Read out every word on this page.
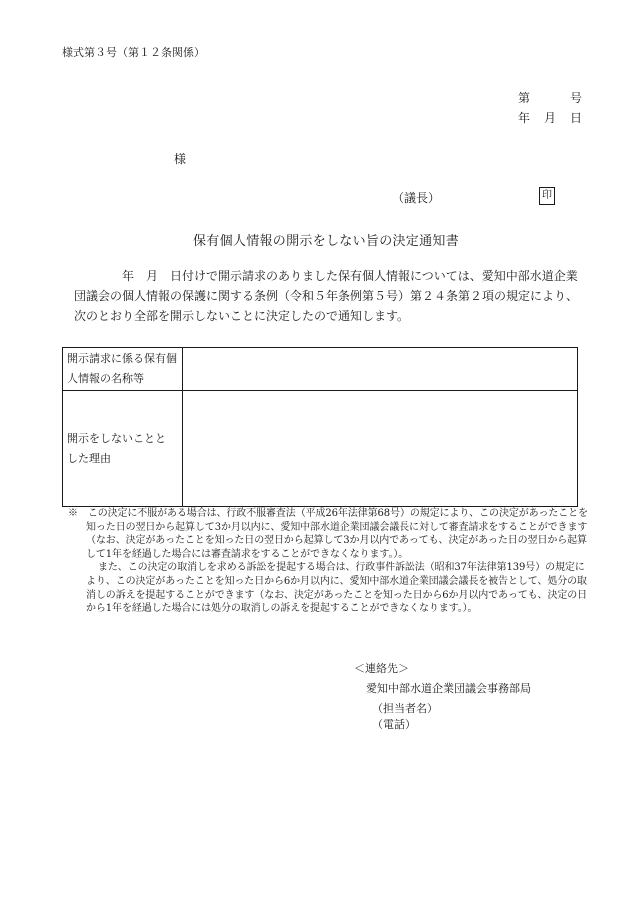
様式第３号（第１２条関係）
第　　　号
年　月　日
様
（議長）	印
保有個人情報の開示をしない旨の決定通知書
年　月　日付けで開示請求のありました保有個人情報については、愛知中部水道企業団議会の個人情報の保護に関する条例（令和５年条例第５号）第２４条第２項の規定により、次のとおり全部を開示しないことに決定したので通知します。
開示請求に係る保有個人情報の名称等	
開示をしないことと した理由	

※　 この決定に不服がある場合は、行政不服審査法（平成26年法律第68号）の規定により、この決定があったことを知った日の翌日から起算して3か月以内に、愛知中部水道企業団議会議長に対して審査請求をすることができます（なお、決定があったことを知った日の翌日から起算して3か月以内であっても、決定があった日の翌日から起算して1年を経過した場合には審査請求をすることができなくなります。）。

また、この決定の取消しを求める訴訟を提起する場合は、行政事件訴訟法（昭和37年法律第139号）の規定により、この決定があったことを知った日から6か月以内に、愛知中部水道企業団議会議長を被告として、処分の取消しの訴えを提起することができます（なお、決定があったことを知った日から6か月以内であっても、決定の日から1年を経過した場合には処分の取消しの訴えを提起することができなくなります。）。

＜連絡先＞
愛知中部水道企業団議会事務部局
（担当者名）
（電話）
